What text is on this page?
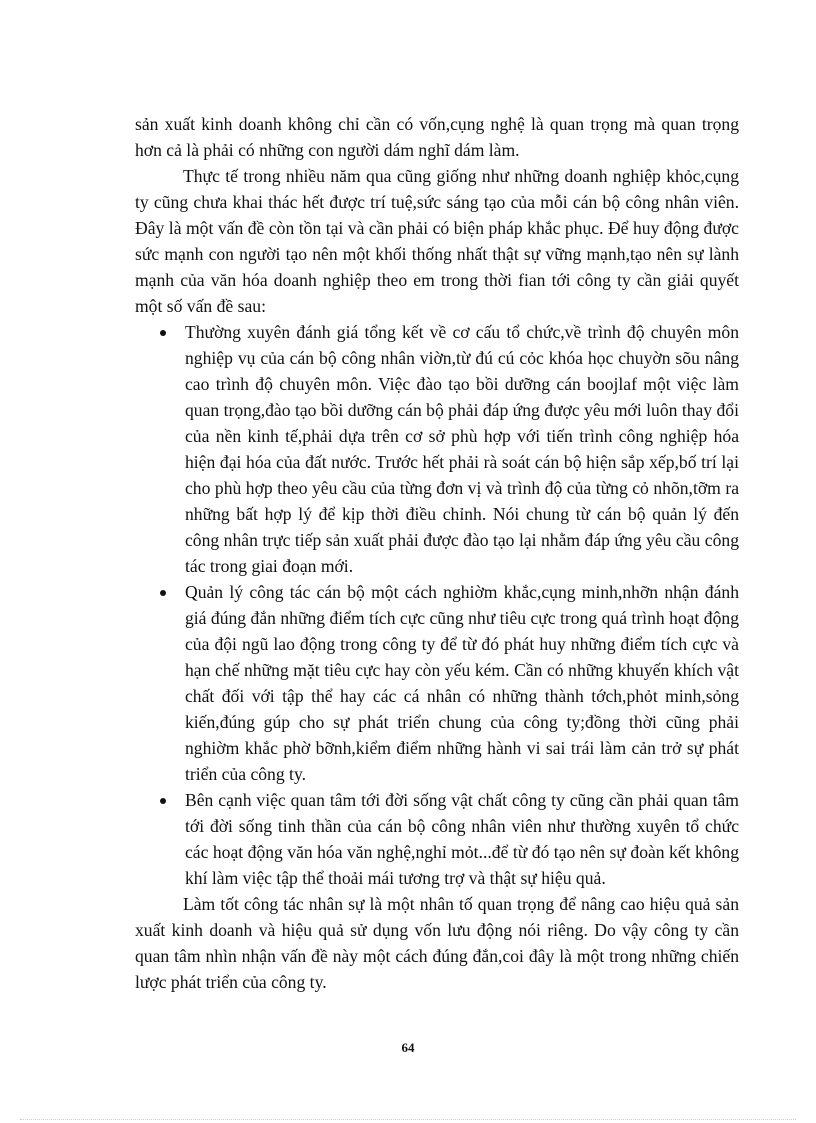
sản xuất kinh doanh không chỉ cần có vốn,cụng nghệ là quan trọng mà quan trọng hơn cả là phải có những con người dám nghĩ dám làm.

Thực tế trong nhiều năm qua cũng giống như những doanh nghiệp khỏc,cụng ty cũng chưa khai thác hết được trí tuệ,sức sáng tạo của mỗi cán bộ công nhân viên. Đây là một vấn đề còn tồn tại và cần phải có biện pháp khắc phục. Để huy động được sức mạnh con người tạo nên một khối thống nhất thật sự vững mạnh,tạo nên sự lành mạnh của văn hóa doanh nghiệp theo em trong thời fian tới công ty cần giải quyết một số vấn đề sau:

Thường xuyên đánh giá tổng kết về cơ cấu tổ chức,về trình độ chuyên môn nghiệp vụ của cán bộ công nhân viờn,từ đú cú cỏc khóa học chuyờn sõu nâng cao trình độ chuyên môn. Việc đào tạo bồi dưỡng cán boojlaf một việc làm quan trọng,đào tạo bồi dưỡng cán bộ phải đáp ứng được yêu mới luôn thay đổi của nền kinh tế,phải dựa trên cơ sở phù hợp với tiến trình công nghiệp hóa hiện đại hóa của đất nước. Trước hết phải rà soát cán bộ hiện sắp xếp,bố trí lại cho phù hợp theo yêu cầu của từng đơn vị và trình độ của từng cỏ nhõn,tỡm ra những bất hợp lý để kịp thời điều chỉnh. Nói chung từ cán bộ quản lý đến công nhân trực tiếp sản xuất phải được đào tạo lại nhằm đáp ứng yêu cầu công tác trong giai đoạn mới.
Quản lý công tác cán bộ một cách nghiờm khắc,cụng minh,nhỡn nhận đánh giá đúng đắn những điểm tích cực cũng như tiêu cực trong quá trình hoạt động của đội ngũ lao động trong công ty để từ đó phát huy những điểm tích cực và hạn chế những mặt tiêu cực hay còn yếu kém. Cần có những khuyến khích vật chất đối với tập thể hay các cá nhân có những thành tớch,phỏt minh,sỏng kiến,đúng gúp cho sự phát triển chung của công ty;đồng thời cũng phải nghiờm khắc phờ bỡnh,kiểm điểm những hành vi sai trái làm cản trở sự phát triển của công ty.
Bên cạnh việc quan tâm tới đời sống vật chất công ty cũng cần phải quan tâm tới đời sống tinh thần của cán bộ công nhân viên như thường xuyên tổ chức các hoạt động văn hóa văn nghệ,nghỉ mỏt...để từ đó tạo nên sự đoàn kết không khí làm việc tập thể thoải mái tương trợ và thật sự hiệu quả.

Làm tốt công tác nhân sự là một nhân tố quan trọng để nâng cao hiệu quả sản xuất kinh doanh và hiệu quả sử dụng vốn lưu động nói riêng. Do vậy công ty cần quan tâm nhìn nhận vấn đề này một cách đúng đắn,coi đây là một trong những chiến lược phát triển của công ty.

64
